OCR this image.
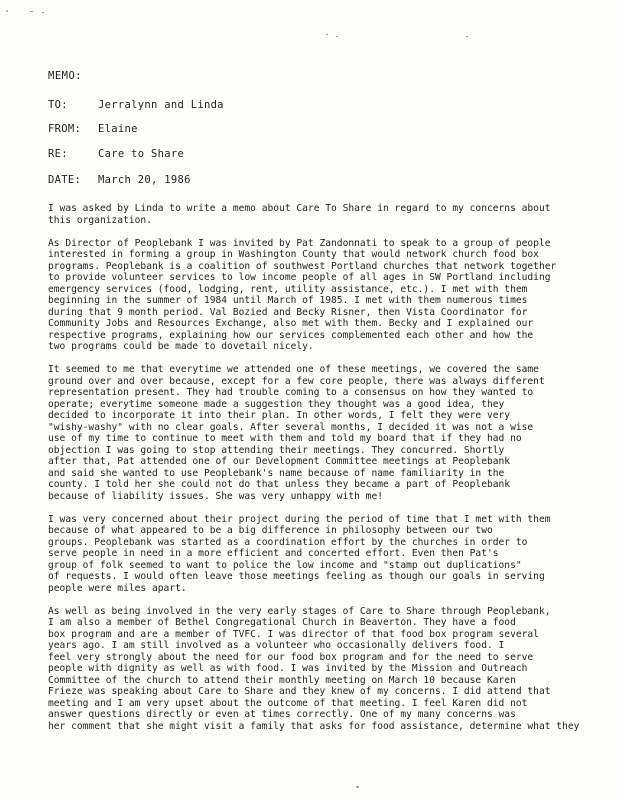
MEMO:
TO:	Jerralynn and Linda
FROM: Elaine
RE:	Care to Share
DATE: March 20, 1986

I was asked by Linda to write a memo about Care To Share in regard to my concerns about
this organization.

As Director of Peoplebank I was invited by Pat Zandonnati to speak to a group of people
interested in forming a group in Washington County that would network church food box
programs. Peoplebank is a coalition of southwest Portland churches that network together
to provide volunteer services to low income people of all ages in SW Portland including
emergency services (food, lodging, rent, utility assistance, etc.). I met with them
beginning in the summer of 1984 until March of 1985. I met with them numerous times
during that 9 month period. Val Bozied and Becky Risner, then Vista Coordinator for
Community Jobs and Resources Exchange, also met with them. Becky and I explained our
respective programs, explaining how our services complemented each other and how the
two programs could be made to dovetail nicely.

It seemed to me that everytime we attended one of these meetings, we covered the same
ground over and over because, except for a few core people, there was always different
representation present. They had trouble coming to a consensus on how they wanted to
operate; everytime someone made a suggestion they thought was a good idea, they
decided to incorporate it into their plan. In other words, I felt they were very
"wishy-washy" with no clear goals. After several months, I decided it was not a wise
use of my time to continue to meet with them and told my board that if they had no
objection I was going to stop attending their meetings. They concurred. Shortly
after that, Pat attended one of our Development Committee meetings at Peoplebank
and said she wanted to use Peoplebank's name because of name familiarity in the
county. I told her she could not do that unless they became a part of Peoplebank
because of liability issues. She was very unhappy with me!

I was very concerned about their project during the period of time that I met with them
because of what appeared to be a big difference in philosophy between our two
groups. Peoplebank was started as a coordination effort by the churches in order to
serve people in need in a more efficient and concerted effort. Even then Pat's
group of folk seemed to want to police the low income and "stamp out duplications"
of requests. I would often leave those meetings feeling as though our goals in serving
people were miles apart.

As well as being involved in the very early stages of Care to Share through Peoplebank,
I am also a member of Bethel Congregational Church in Beaverton. They have a food
box program and are a member of TVFC. I was director of that food box program several
years ago. I am still involved as a volunteer who occasionally delivers food. I
feel very strongly about the need for our food box program and for the need to serve
people with dignity as well as with food. I was invited by the Mission and Outreach
Committee of the church to attend their monthly meeting on March 10 because Karen
Frieze was speaking about Care to Share and they knew of my concerns. I did attend that
meeting and I am very upset about the outcome of that meeting. I feel Karen did not
answer questions directly or even at times correctly. One of my many concerns was
her comment that she might visit a family that asks for food assistance, determine what they
